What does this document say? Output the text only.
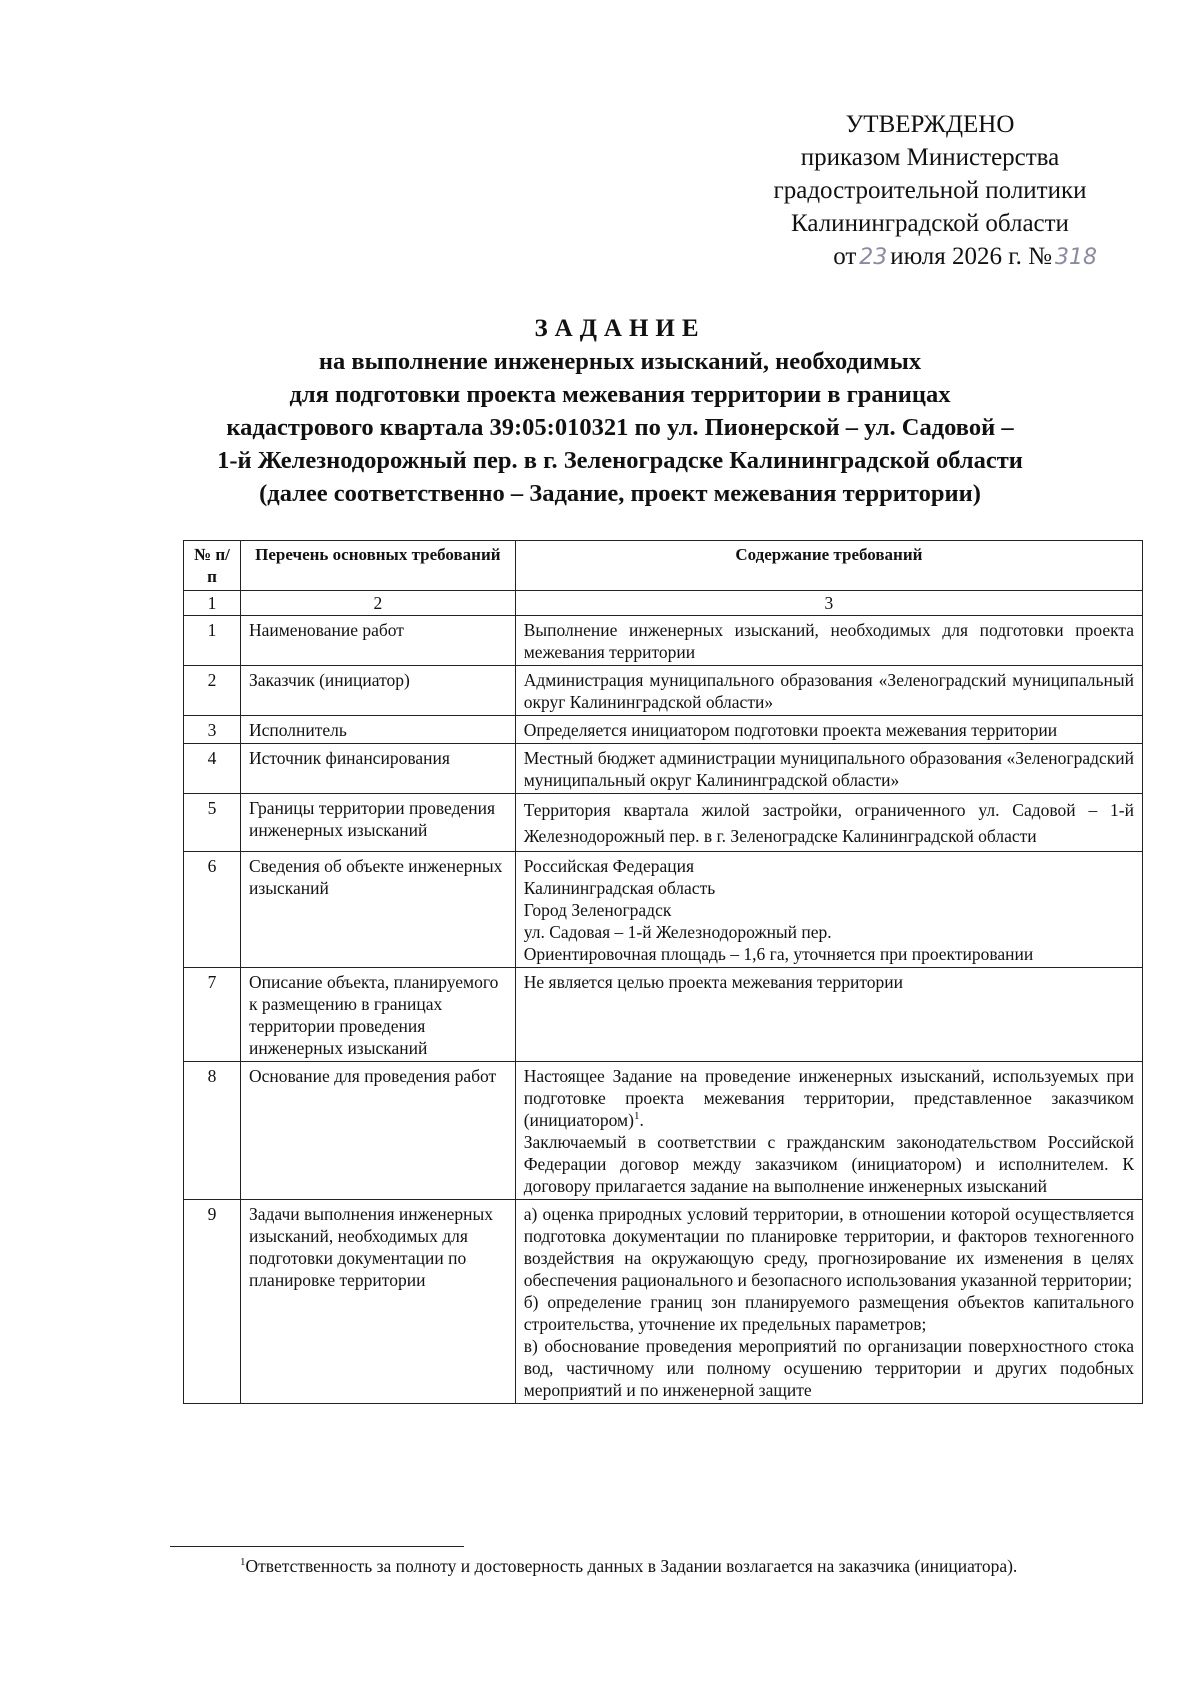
УТВЕРЖДЕНО
приказом Министерства
градостроительной политики
Калининградской области
от 23 июля 2026 г. № 318
ЗАДАНИЕ
на выполнение инженерных изысканий, необходимых
для подготовки проекта межевания территории в границах
кадастрового квартала 39:05:010321 по ул. Пионерской – ул. Садовой –
1-й Железнодорожный пер. в г. Зеленоградске Калининградской области
(далее соответственно – Задание, проект межевания территории)
№ п/п	Перечень основных требований	Содержание требований
1	2	3
1	Наименование работ	Выполнение инженерных изысканий, необходимых для подготовки проекта межевания территории

2	Заказчик (инициатор)	Администрация муниципального образования «Зеленоградский муниципальный округ Калининградской области»

3	Исполнитель	Определяется инициатором подготовки проекта межевания территории

4	Источник финансирования	Местный бюджет администрации муниципального образования «Зеленоградский муниципальный округ Калининградской области»

5	Границы территории проведения инженерных изысканий	Территория квартала жилой застройки, ограниченного ул. Садовой – 1-й Железнодорожный пер. в г. Зеленоградске Калининградской области

6	Сведения об объекте инженерных изысканий	Российская Федерация
Калининградская область
Город Зеленоградск
ул. Садовая – 1-й Железнодорожный пер.
Ориентировочная площадь – 1,6 га, уточняется при проектировании

7	Описание объекта, планируемого к размещению в границах территории проведения инженерных изысканий	Не является целью проекта межевания территории

8	Основание для проведения работ	Настоящее Задание на проведение инженерных изысканий, используемых при подготовке проекта межевания территории, представленное заказчиком (инициатором)$^1$.
Заключаемый в соответствии с гражданским законодательством Российской Федерации договор между заказчиком (инициатором) и исполнителем. К договору прилагается задание на выполнение инженерных изысканий

9	Задачи выполнения инженерных изысканий, необходимых для подготовки документации по планировке территории	а) оценка природных условий территории, в отношении которой осуществляется подготовка документации по планировке территории, и факторов техногенного воздействия на окружающую среду, прогнозирование их изменения в целях обеспечения рационального и безопасного использования указанной территории;
б) определение границ зон планируемого размещения объектов капитального строительства, уточнение их предельных параметров;
в) обоснование проведения мероприятий по организации поверхностного стока вод, частичному или полному осушению территории и других подобных мероприятий и по инженерной защите
$^1$Ответственность за полноту и достоверность данных в Задании возлагается на заказчика (инициатора).
